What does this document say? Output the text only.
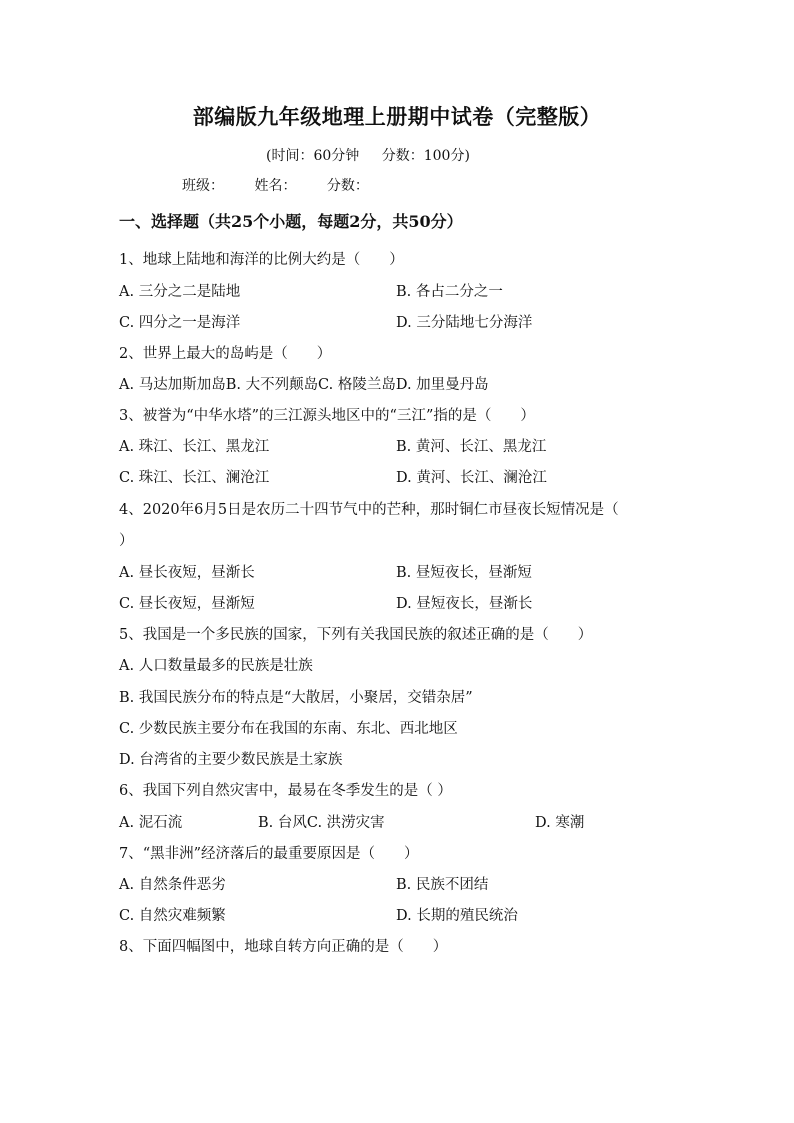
部编版九年级地理上册期中试卷（完整版）
(时间：60分钟 分数：100分)
班级： 姓名： 分数：
一、选择题（共25个小题，每题2分，共50分）
1、地球上陆地和海洋的比例大约是（　　）
A. 三分之二是陆地	B. 各占二分之一
C. 四分之一是海洋	D. 三分陆地七分海洋
2、世界上最大的岛屿是（　　）
A. 马达加斯加岛B. 大不列颠岛C. 格陵兰岛D. 加里曼丹岛
3、被誉为“中华水塔”的三江源头地区中的“三江”指的是（　　）
A. 珠江、长江、黑龙江	B. 黄河、长江、黑龙江
C. 珠江、长江、澜沧江	D. 黄河、长江、澜沧江
4、2020年6月5日是农历二十四节气中的芒种，那时铜仁市昼夜长短情况是（
）
A. 昼长夜短，昼渐长	B. 昼短夜长，昼渐短
C. 昼长夜短，昼渐短	D. 昼短夜长，昼渐长
5、我国是一个多民族的国家，下列有关我国民族的叙述正确的是（　　）
A. 人口数量最多的民族是壮族
B. 我国民族分布的特点是“大散居，小聚居，交错杂居”
C. 少数民族主要分布在我国的东南、东北、西北地区
D. 台湾省的主要少数民族是土家族
6、我国下列自然灾害中，最易在冬季发生的是（ ）
A. 泥石流	B. 台风C. 洪涝灾害	D. 寒潮
7、“黑非洲”经济落后的最重要原因是（　　）
A. 自然条件恶劣	B. 民族不团结
C. 自然灾难频繁	D. 长期的殖民统治
8、下面四幅图中，地球自转方向正确的是（　　）
